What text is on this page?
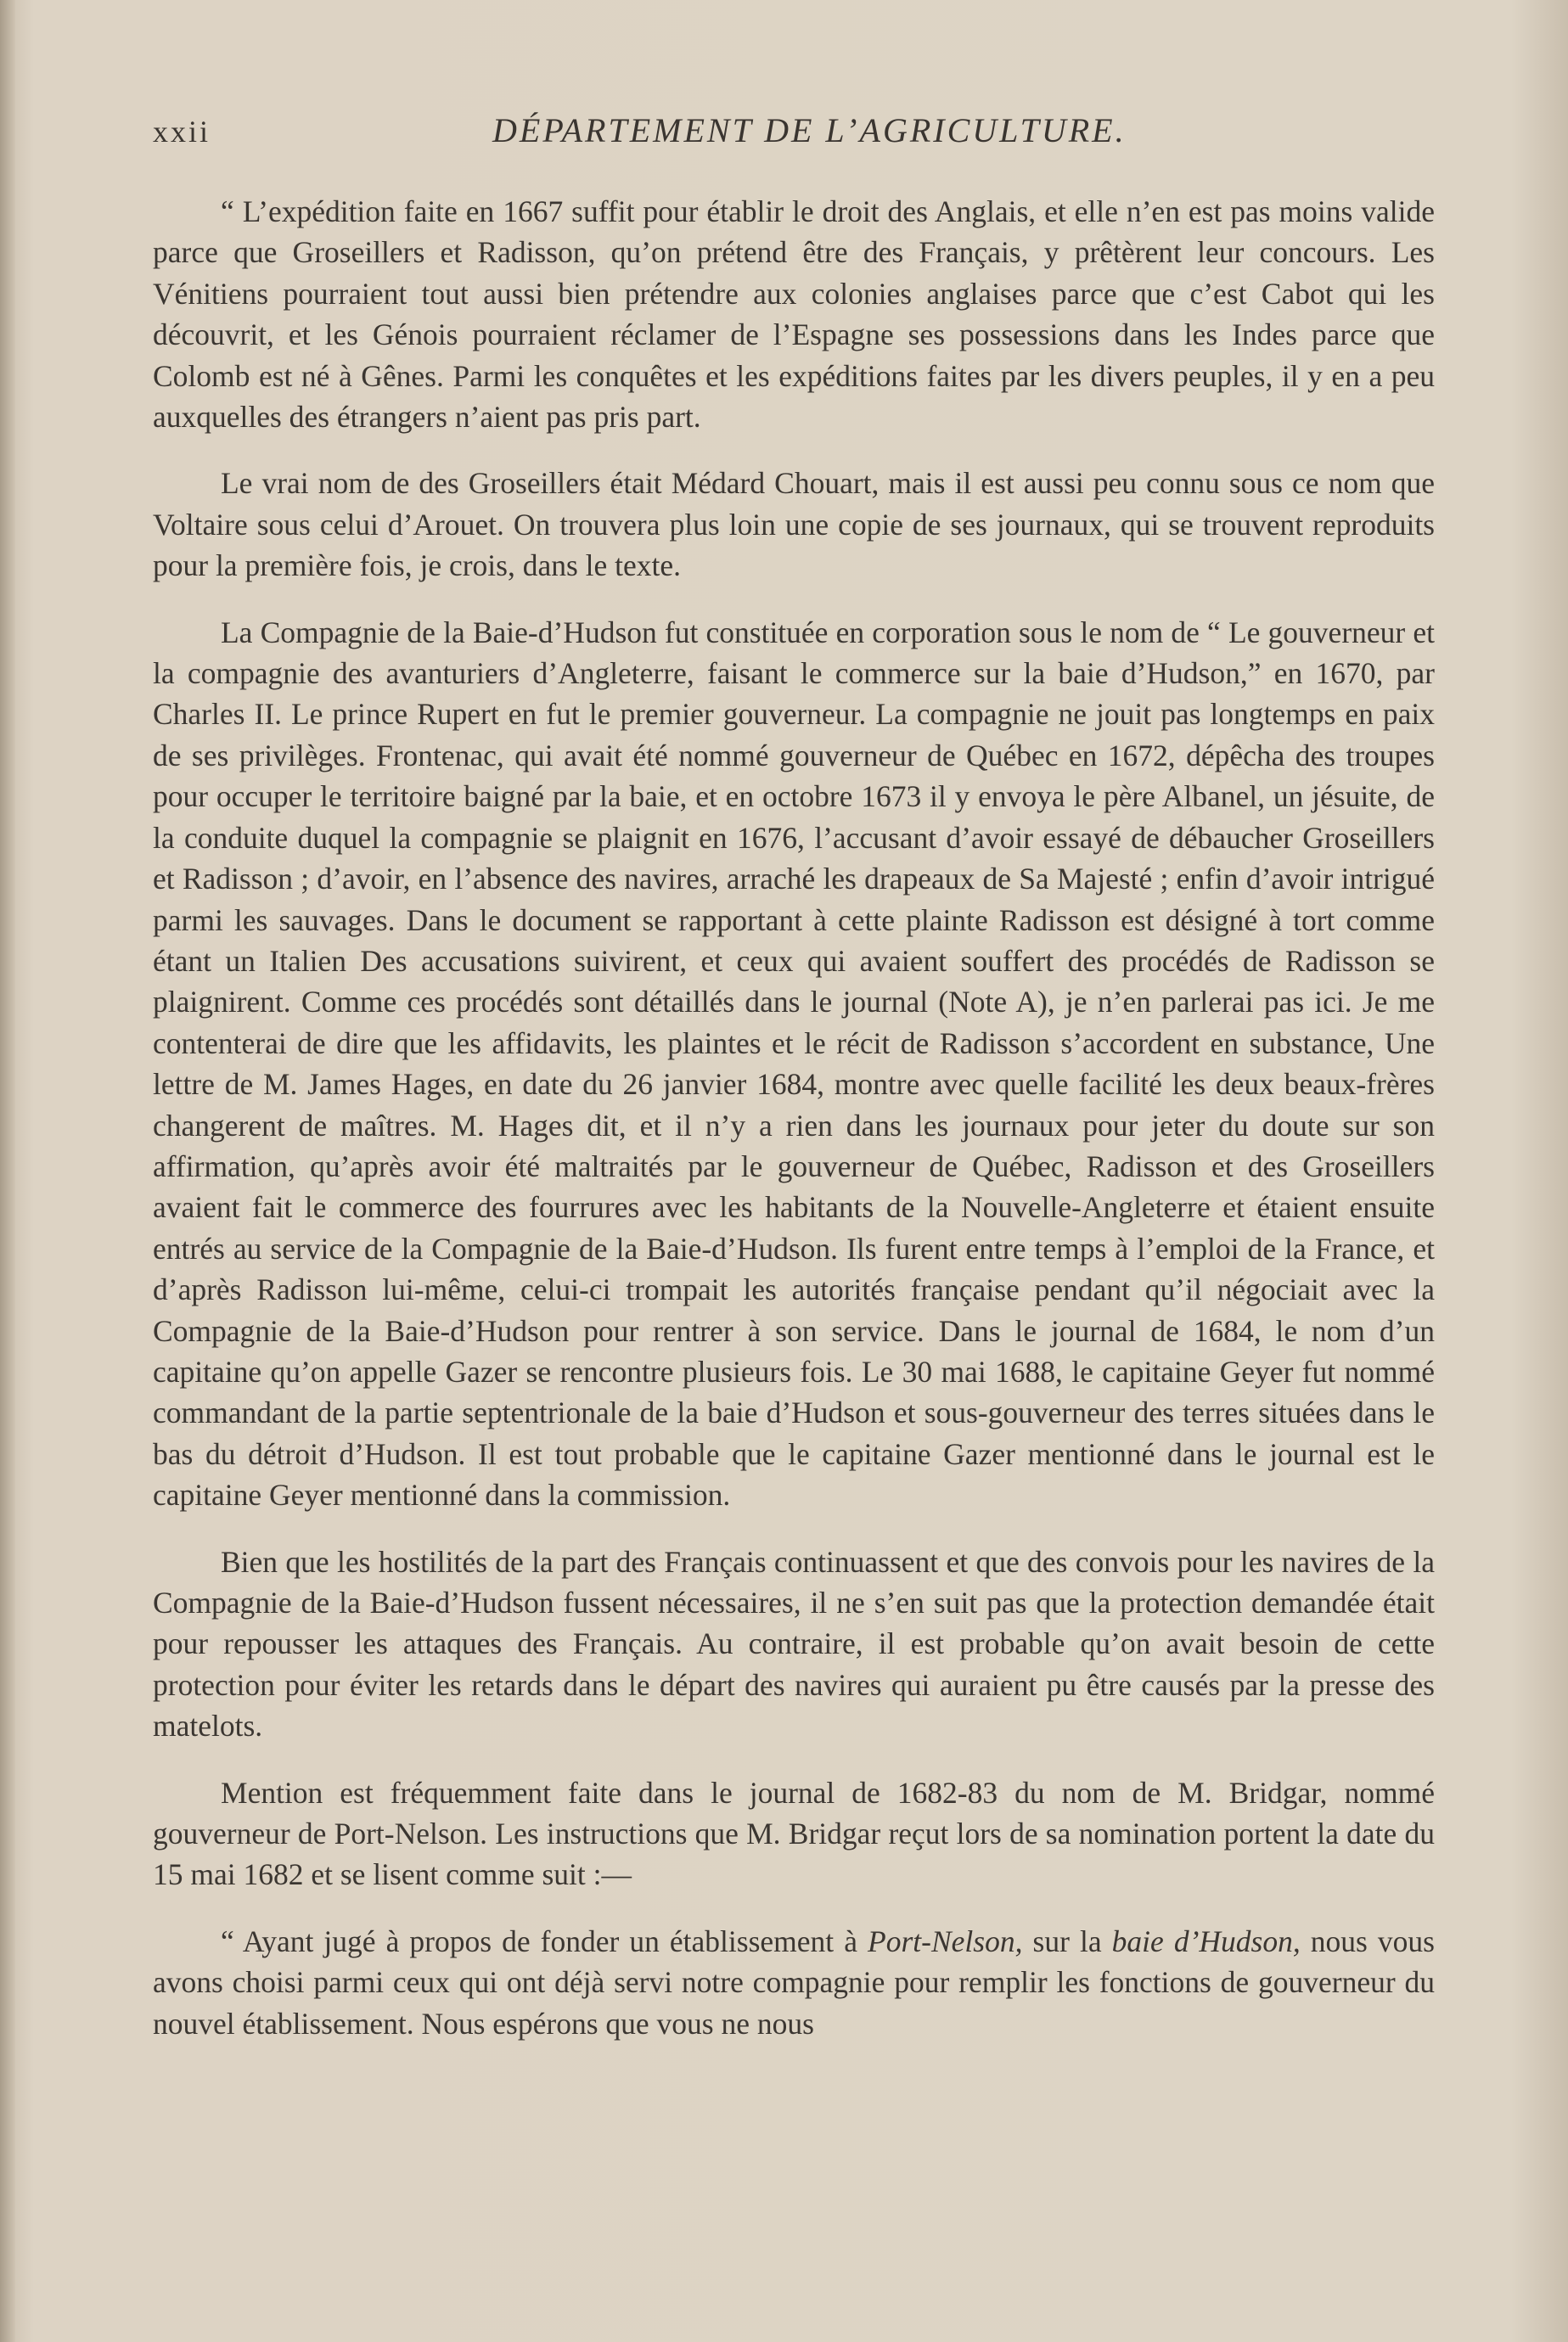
xxii	DÉPARTEMENT DE L’AGRICULTURE.

“ L’expédition faite en 1667 suffit pour établir le droit des Anglais, et elle n’en est pas moins valide parce que Groseillers et Radisson, qu’on prétend être des Français, y prêtèrent leur concours. Les Vénitiens pourraient tout aussi bien prétendre aux colonies anglaises parce que c’est Cabot qui les découvrit, et les Génois pourraient réclamer de l’Espagne ses possessions dans les Indes parce que Colomb est né à Gênes. Parmi les conquêtes et les expéditions faites par les divers peuples, il y en a peu auxquelles des étrangers n’aient pas pris part.

Le vrai nom de des Groseillers était Médard Chouart, mais il est aussi peu connu sous ce nom que Voltaire sous celui d’Arouet. On trouvera plus loin une copie de ses journaux, qui se trouvent reproduits pour la première fois, je crois, dans le texte.

La Compagnie de la Baie-d’Hudson fut constituée en corporation sous le nom de “ Le gouverneur et la compagnie des avanturiers d’Angleterre, faisant le commerce sur la baie d’Hudson,” en 1670, par Charles II. Le prince Rupert en fut le premier gouverneur. La compagnie ne jouit pas longtemps en paix de ses privilèges. Frontenac, qui avait été nommé gouverneur de Québec en 1672, dépêcha des troupes pour occuper le territoire baigné par la baie, et en octobre 1673 il y envoya le père Albanel, un jésuite, de la conduite duquel la compagnie se plaignit en 1676, l’accusant d’avoir essayé de débaucher Groseillers et Radisson ; d’avoir, en l’absence des navires, arraché les drapeaux de Sa Majesté ; enfin d’avoir intrigué parmi les sauvages. Dans le document se rapportant à cette plainte Radisson est désigné à tort comme étant un Italien Des accusations suivirent, et ceux qui avaient souffert des procédés de Radisson se plaignirent. Comme ces procédés sont détaillés dans le journal (Note A), je n’en parlerai pas ici. Je me contenterai de dire que les affidavits, les plaintes et le récit de Radisson s’accordent en substance, Une lettre de M. James Hages, en date du 26 janvier 1684, montre avec quelle facilité les deux beaux-frères changerent de maîtres. M. Hages dit, et il n’y a rien dans les journaux pour jeter du doute sur son affirmation, qu’après avoir été maltraités par le gouverneur de Québec, Radisson et des Groseillers avaient fait le commerce des fourrures avec les habitants de la Nouvelle-Angleterre et étaient ensuite entrés au service de la Compagnie de la Baie-d’Hudson. Ils furent entre temps à l’emploi de la France, et d’après Radisson lui-même, celui-ci trompait les autorités française pendant qu’il négociait avec la Compagnie de la Baie-d’Hudson pour rentrer à son service. Dans le journal de 1684, le nom d’un capitaine qu’on appelle Gazer se rencontre plusieurs fois. Le 30 mai 1688, le capitaine Geyer fut nommé commandant de la partie septentrionale de la baie d’Hudson et sous-gouverneur des terres situées dans le bas du détroit d’Hudson. Il est tout probable que le capitaine Gazer mentionné dans le journal est le capitaine Geyer mentionné dans la commission.

Bien que les hostilités de la part des Français continuassent et que des convois pour les navires de la Compagnie de la Baie-d’Hudson fussent nécessaires, il ne s’en suit pas que la protection demandée était pour repousser les attaques des Français. Au contraire, il est probable qu’on avait besoin de cette protection pour éviter les retards dans le départ des navires qui auraient pu être causés par la presse des matelots.

Mention est fréquemment faite dans le journal de 1682-83 du nom de M. Bridgar, nommé gouverneur de Port-Nelson. Les instructions que M. Bridgar reçut lors de sa nomination portent la date du 15 mai 1682 et se lisent comme suit :—

“ Ayant jugé à propos de fonder un établissement à Port-Nelson, sur la baie d’Hudson, nous vous avons choisi parmi ceux qui ont déjà servi notre compagnie pour remplir les fonctions de gouverneur du nouvel établissement. Nous espérons que vous ne nous
